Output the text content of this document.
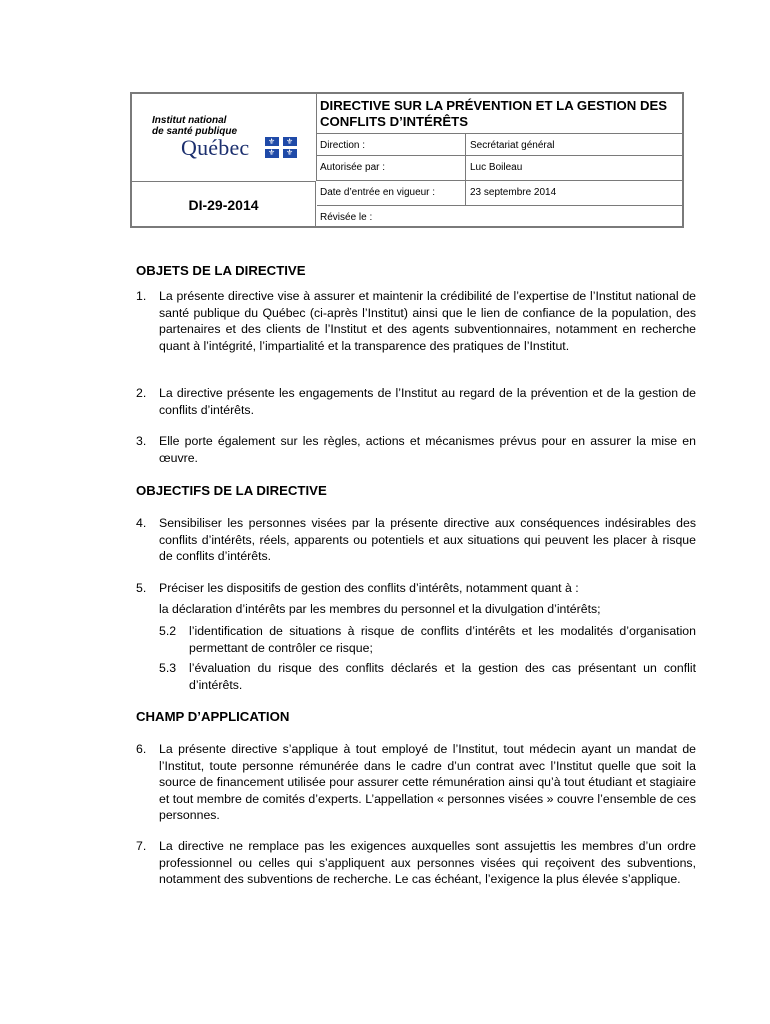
Institut national
de santé publique
Québec ⚜ ⚜
⚜ ⚜
DI-29-2014
DIRECTIVE SUR LA PRÉVENTION ET LA GESTION DES CONFLITS D’INTÉRÊTS
Direction :	Secrétariat général
Autorisée par :	Luc Boileau
Date d’entrée en vigueur :	23 septembre 2014
Révisée le :
OBJETS DE LA DIRECTIVE
1. La présente directive vise à assurer et maintenir la crédibilité de l’expertise de l’Institut national de santé publique du Québec (ci-après l’Institut) ainsi que le lien de confiance de la population, des partenaires et des clients de l’Institut et des agents subventionnaires, notamment en recherche quant à l’intégrité, l’impartialité et la transparence des pratiques de l’Institut.
2. La directive présente les engagements de l’Institut au regard de la prévention et de la gestion de conflits d’intérêts.
3. Elle porte également sur les règles, actions et mécanismes prévus pour en assurer la mise en œuvre.
OBJECTIFS DE LA DIRECTIVE
4. Sensibiliser les personnes visées par la présente directive aux conséquences indésirables des conflits d’intérêts, réels, apparents ou potentiels et aux situations qui peuvent les placer à risque de conflits d’intérêts.
5. Préciser les dispositifs de gestion des conflits d’intérêts, notamment quant à :
la déclaration d’intérêts par les membres du personnel et la divulgation d’intérêts;
5.2 l’identification de situations à risque de conflits d’intérêts et les modalités d’organisation permettant de contrôler ce risque;
5.3 l’évaluation du risque des conflits déclarés et la gestion des cas présentant un conflit d’intérêts.
CHAMP D’APPLICATION
6. La présente directive s’applique à tout employé de l’Institut, tout médecin ayant un mandat de l’Institut, toute personne rémunérée dans le cadre d’un contrat avec l’Institut quelle que soit la source de financement utilisée pour assurer cette rémunération ainsi qu’à tout étudiant et stagiaire et tout membre de comités d’experts. L’appellation « personnes visées » couvre l’ensemble de ces personnes.
7. La directive ne remplace pas les exigences auxquelles sont assujettis les membres d’un ordre professionnel ou celles qui s’appliquent aux personnes visées qui reçoivent des subventions, notamment des subventions de recherche. Le cas échéant, l’exigence la plus élevée s’applique.
